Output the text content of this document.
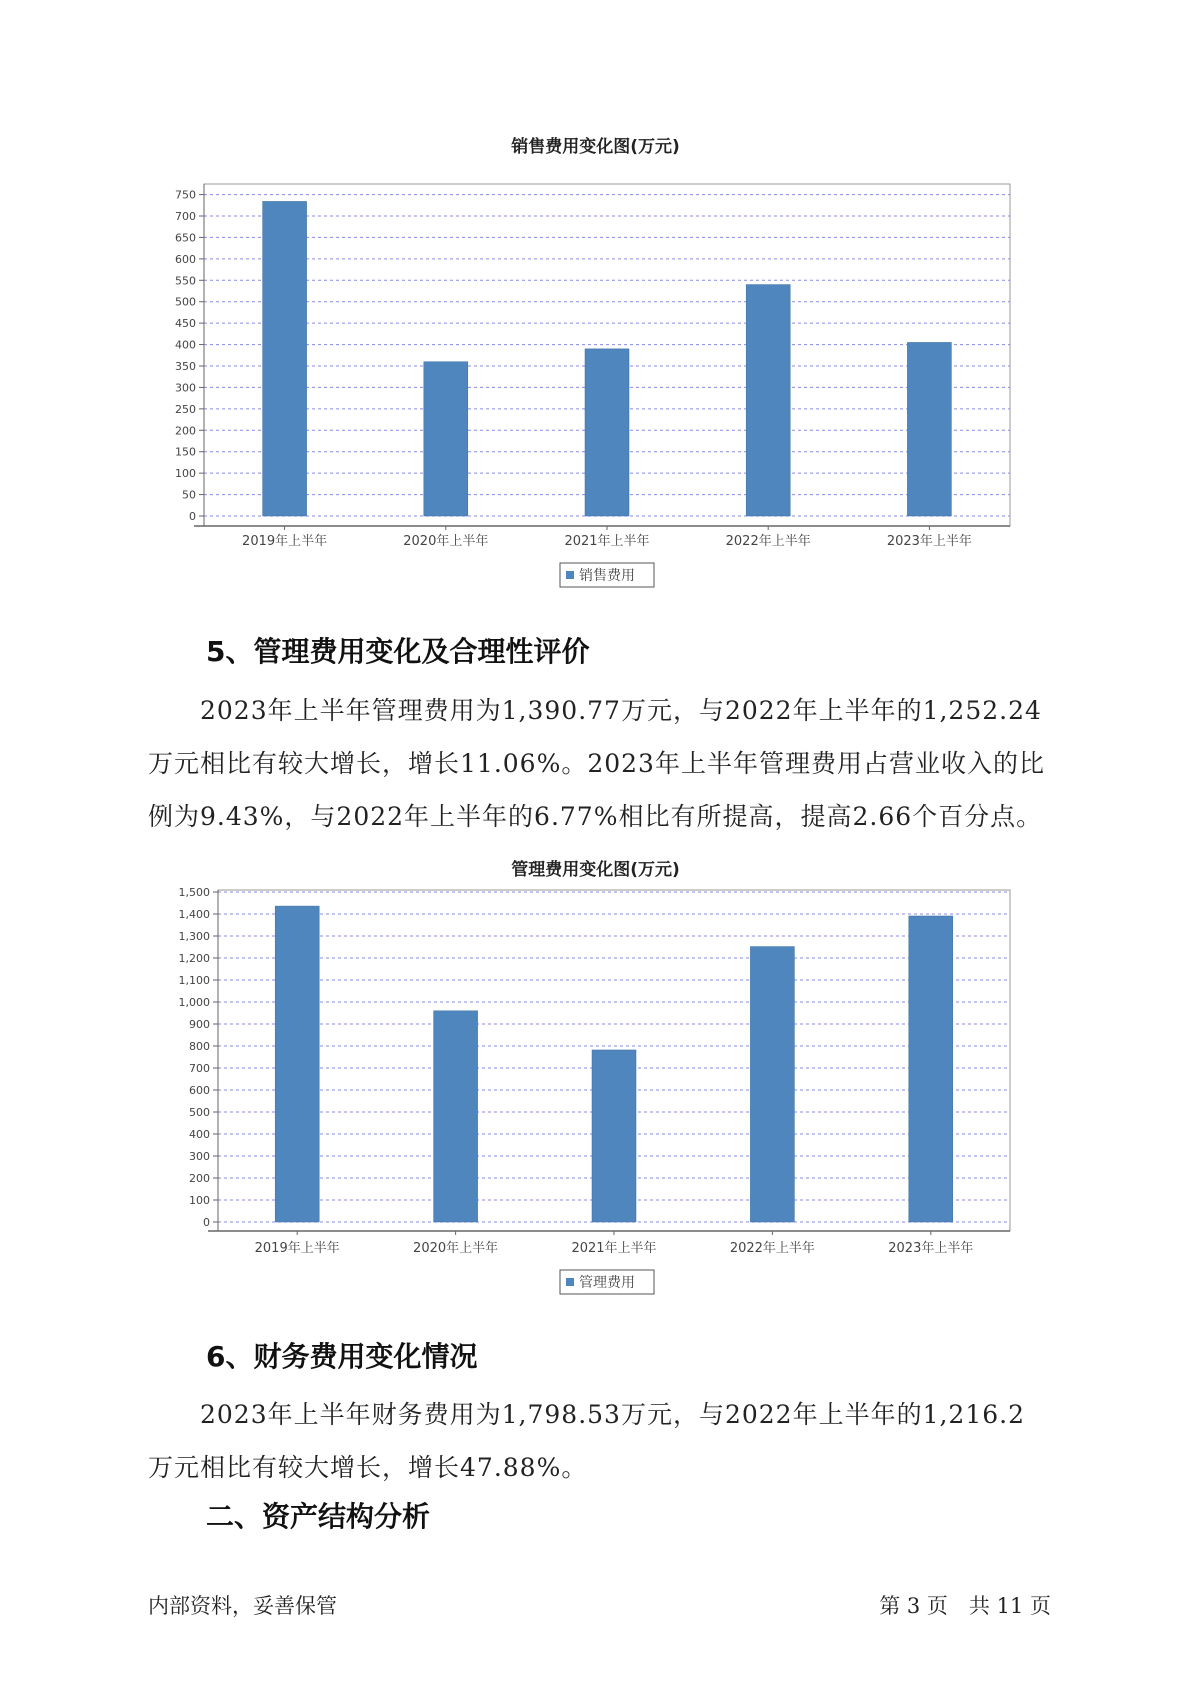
销售费用变化图(万元)
0
50
100
150
200
250
300
350
400
450
500
550
600
650
700
750
2019年上半年	2020年上半年	2021年上半年	2022年上半年	2023年上半年
销售费用
5、管理费用变化及合理性评价

2023年上半年管理费用为1,390.77万元，与2022年上半年的1,252.24万元相比有较大增长，增长11.06%。2023年上半年管理费用占营业收入的比例为9.43%，与2022年上半年的6.77%相比有所提高，提高2.66个百分点。

管理费用变化图(万元)
0
100
200
300
400
500
600
700
800
900
1,000
1,100
1,200
1,300
1,400
1,500
2019年上半年	2020年上半年	2021年上半年	2022年上半年	2023年上半年
管理费用
6、财务费用变化情况

2023年上半年财务费用为1,798.53万元，与2022年上半年的1,216.2万元相比有较大增长，增长47.88%。

二、资产结构分析
内部资料，妥善保管	第 3 页　共 11 页
